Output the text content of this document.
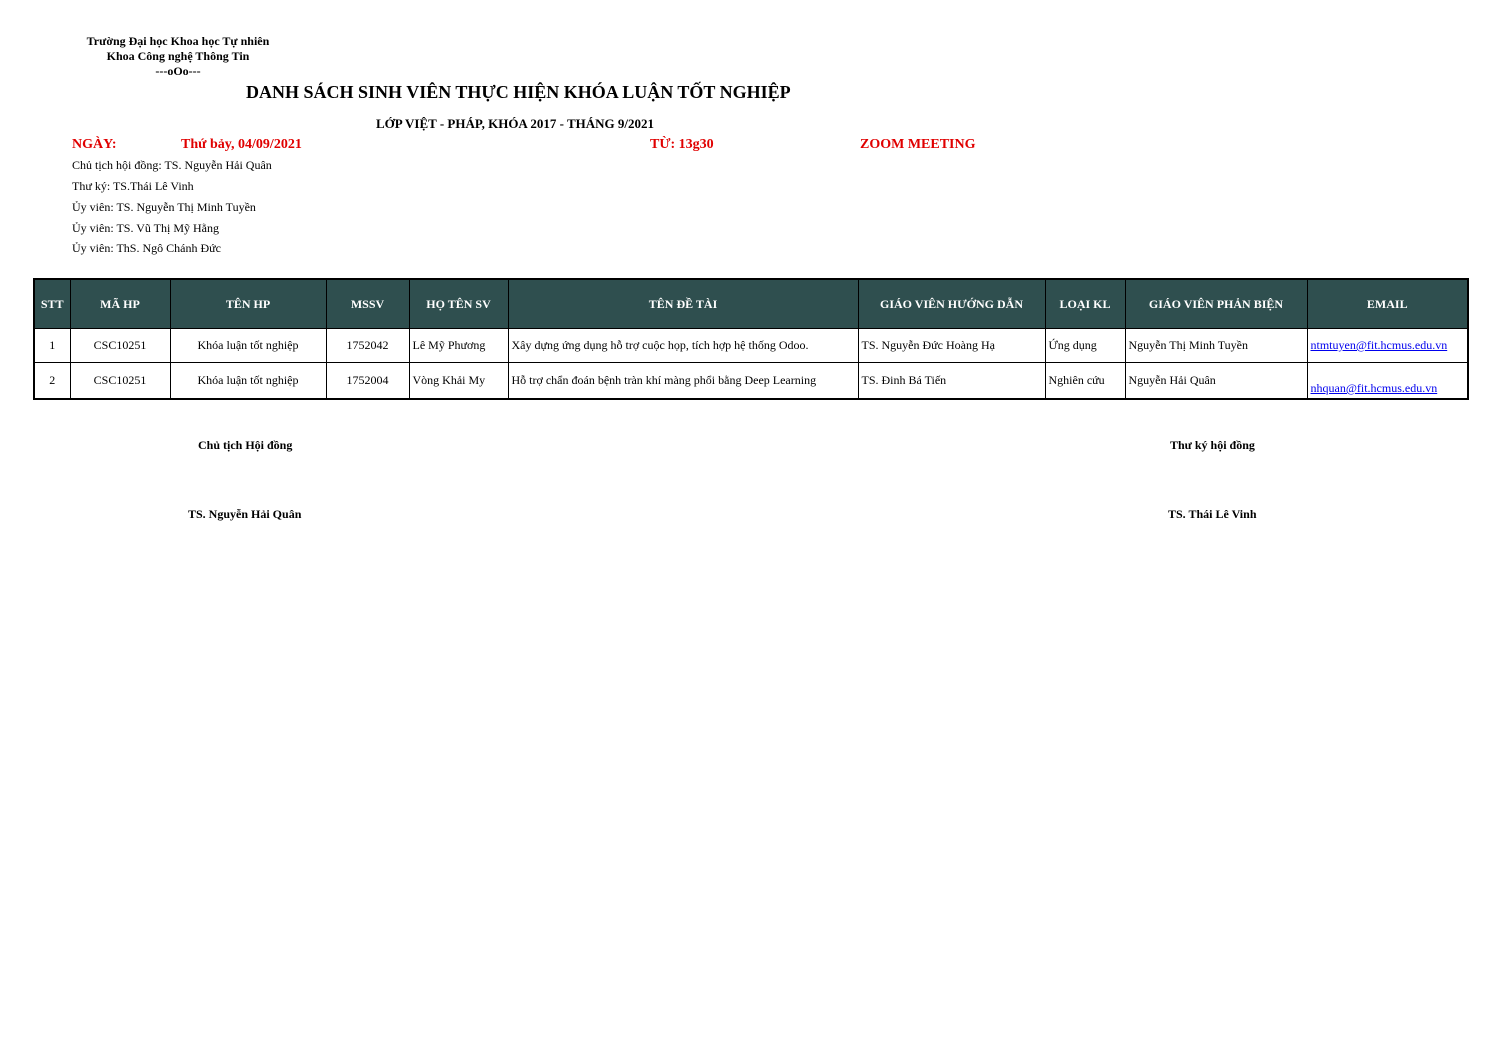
Trường Đại học Khoa học Tự nhiên
Khoa Công nghệ Thông Tin
---oOo---
DANH SÁCH SINH VIÊN THỰC HIỆN KHÓA LUẬN TỐT NGHIỆP
LỚP VIỆT - PHÁP, KHÓA 2017 - THÁNG 9/2021
NGÀY:	Thứ bảy, 04/09/2021	TỪ: 13g30	ZOOM MEETING
Chủ tịch hội đồng: TS. Nguyễn Hải Quân
Thư ký: TS.Thái Lê Vinh
Ủy viên: TS. Nguyễn Thị Minh Tuyền
Ủy viên: TS. Vũ Thị Mỹ Hằng
Ủy viên: ThS. Ngô Chánh Đức
STT	MÃ HP	TÊN HP	MSSV	HỌ TÊN SV	TÊN ĐỀ TÀI	GIÁO VIÊN HƯỚNG DẪN	LOẠI KL	GIÁO VIÊN PHẢN BIỆN	EMAIL
1	CSC10251	Khóa luận tốt nghiệp	1752042	Lê Mỹ Phương	Xây dựng ứng dụng hỗ trợ cuộc họp, tích hợp hệ thống Odoo.	TS. Nguyễn Đức Hoàng Hạ	Ứng dụng	Nguyễn Thị Minh Tuyền	ntmtuyen@fit.hcmus.edu.vn
2	CSC10251	Khóa luận tốt nghiệp	1752004	Vòng Khải My	Hỗ trợ chẩn đoán bệnh tràn khí màng phổi bằng Deep Learning	TS. Đinh Bá Tiến	Nghiên cứu	Nguyễn Hải Quân	nhquan@fit.hcmus.edu.vn
Chủ tịch Hội đồng
TS. Nguyễn Hải Quân
Thư ký hội đồng
TS. Thái Lê Vinh
